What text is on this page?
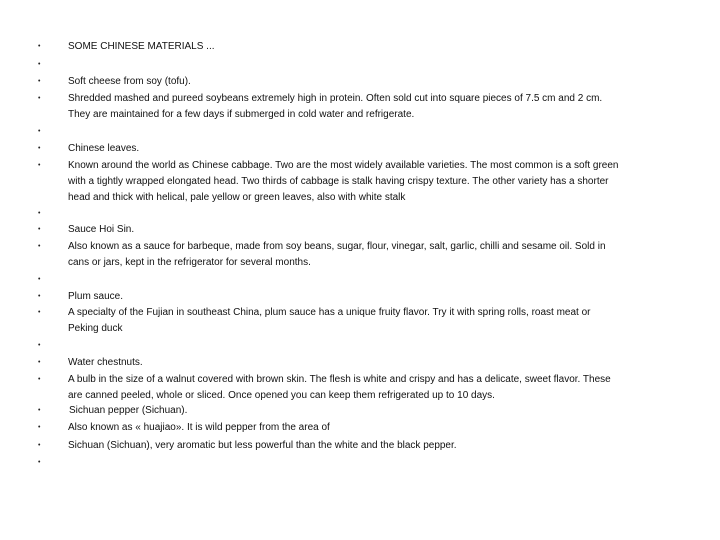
•	SOME CHINESE MATERIALS ...
•
•	Soft cheese from soy (tofu).
•	Shredded mashed and pureed soybeans extremely high in protein. Often sold cut into square pieces of 7.5 cm and 2 cm.
They are maintained for a few days if submerged in cold water and refrigerate.
•
•	Chinese leaves.
•	Known around the world as Chinese cabbage. Two are the most widely available varieties. The most common is a soft green
with a tightly wrapped elongated head. Two thirds of cabbage is stalk having crispy texture. The other variety has a shorter
head and thick with helical, pale yellow or green leaves, also with white stalk
•
•	Sauce Hoi Sin.
•	Also known as a sauce for barbeque, made from soy beans, sugar, flour, vinegar, salt, garlic, chilli and sesame oil. Sold in
cans or jars, kept in the refrigerator for several months.
•
•	Plum sauce.
•	A specialty of the Fujian in southeast China, plum sauce has a unique fruity flavor. Try it with spring rolls, roast meat or
Peking duck
•
•	Water chestnuts.
•	A bulb in the size of a walnut covered with brown skin. The flesh is white and crispy and has a delicate, sweet flavor. These
are canned peeled, whole or sliced. Once opened you can keep them refrigerated up to 10 days.
•	Sichuan pepper (Sichuan).
•	Also known as « huajiao». It is wild pepper from the area of
•	Sichuan (Sichuan), very aromatic but less powerful than the white and the black pepper.
•
